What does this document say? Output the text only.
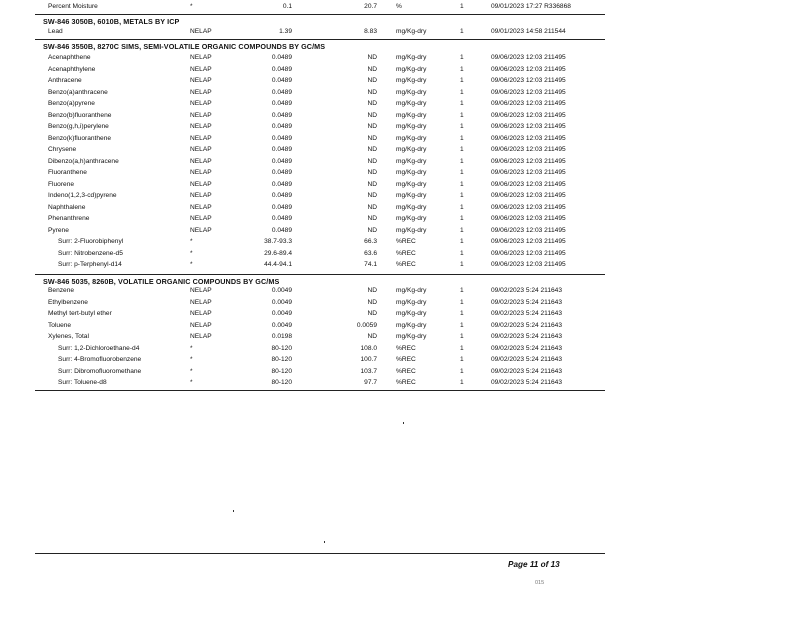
Percent Moisture	*	0.1	20.7	%	1	09/01/2023 17:27 R336868
SW-846 3050B, 6010B, METALS BY ICP
Lead	NELAP	1.39	8.83	mg/Kg-dry	1	09/01/2023 14:58 211544
SW-846 3550B, 8270C SIMS, SEMI-VOLATILE ORGANIC COMPOUNDS BY GC/MS
Acenaphthene	NELAP	0.0489	ND	mg/Kg-dry	1	09/06/2023 12:03 211495
Acenaphthylene	NELAP	0.0489	ND	mg/Kg-dry	1	09/06/2023 12:03 211495
Anthracene	NELAP	0.0489	ND	mg/Kg-dry	1	09/06/2023 12:03 211495
Benzo(a)anthracene	NELAP	0.0489	ND	mg/Kg-dry	1	09/06/2023 12:03 211495
Benzo(a)pyrene	NELAP	0.0489	ND	mg/Kg-dry	1	09/06/2023 12:03 211495
Benzo(b)fluoranthene	NELAP	0.0489	ND	mg/Kg-dry	1	09/06/2023 12:03 211495
Benzo(g,h,i)perylene	NELAP	0.0489	ND	mg/Kg-dry	1	09/06/2023 12:03 211495
Benzo(k)fluoranthene	NELAP	0.0489	ND	mg/Kg-dry	1	09/06/2023 12:03 211495
Chrysene	NELAP	0.0489	ND	mg/Kg-dry	1	09/06/2023 12:03 211495
Dibenzo(a,h)anthracene	NELAP	0.0489	ND	mg/Kg-dry	1	09/06/2023 12:03 211495
Fluoranthene	NELAP	0.0489	ND	mg/Kg-dry	1	09/06/2023 12:03 211495
Fluorene	NELAP	0.0489	ND	mg/Kg-dry	1	09/06/2023 12:03 211495
Indeno(1,2,3-cd)pyrene	NELAP	0.0489	ND	mg/Kg-dry	1	09/06/2023 12:03 211495
Naphthalene	NELAP	0.0489	ND	mg/Kg-dry	1	09/06/2023 12:03 211495
Phenanthrene	NELAP	0.0489	ND	mg/Kg-dry	1	09/06/2023 12:03 211495
Pyrene	NELAP	0.0489	ND	mg/Kg-dry	1	09/06/2023 12:03 211495
Surr: 2-Fluorobiphenyl	*	38.7-93.3	66.3	%REC	1	09/06/2023 12:03 211495
Surr: Nitrobenzene-d5	*	29.6-89.4	63.6	%REC	1	09/06/2023 12:03 211495
Surr: p-Terphenyl-d14	*	44.4-94.1	74.1	%REC	1	09/06/2023 12:03 211495
SW-846 5035, 8260B, VOLATILE ORGANIC COMPOUNDS BY GC/MS
Benzene	NELAP	0.0049	ND	mg/Kg-dry	1	09/02/2023 5:24 211643
Ethylbenzene	NELAP	0.0049	ND	mg/Kg-dry	1	09/02/2023 5:24 211643
Methyl tert-butyl ether	NELAP	0.0049	ND	mg/Kg-dry	1	09/02/2023 5:24 211643
Toluene	NELAP	0.0049	0.0059	mg/Kg-dry	1	09/02/2023 5:24 211643
Xylenes, Total	NELAP	0.0198	ND	mg/Kg-dry	1	09/02/2023 5:24 211643
Surr: 1,2-Dichloroethane-d4	*	80-120	108.0	%REC	1	09/02/2023 5:24 211643
Surr: 4-Bromofluorobenzene	*	80-120	100.7	%REC	1	09/02/2023 5:24 211643
Surr: Dibromofluoromethane	*	80-120	103.7	%REC	1	09/02/2023 5:24 211643
Surr: Toluene-d8	*	80-120	97.7	%REC	1	09/02/2023 5:24 211643
Page 11 of 13
015
